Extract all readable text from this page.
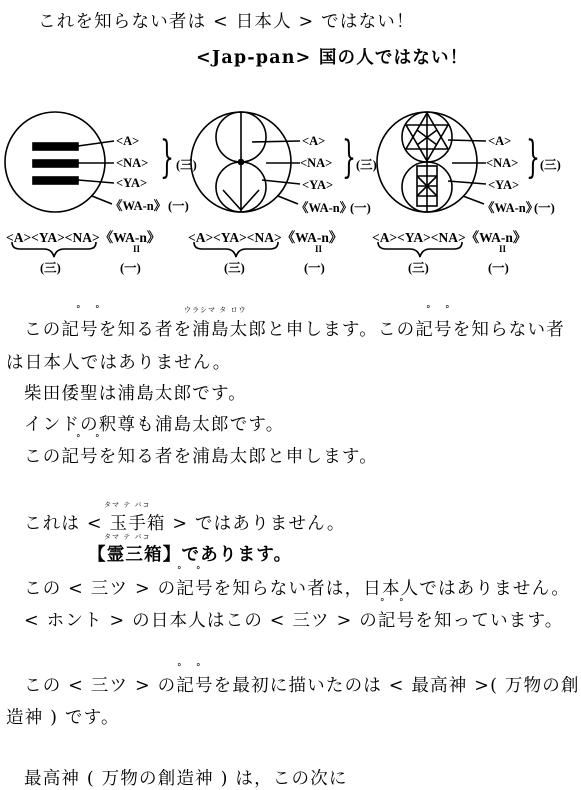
これを知らない者は < 日本人 > ではない！
<Jap-pan> 国の人ではない！
<A>
<NA>
<YA>
《WA-n》
} (三)
(一)
<A>
<NA>
<YA>
《WA-n》
} (三)
(一)
<A>
<NA>
<YA>
《WA-n》
} (三)
(一)
<A><YA><NA>《WA-n》
II
(三)	(一)
<A><YA><NA>《WA-n》
II
(三)	(一)
<A><YA><NA>《WA-n》
II
(三)	(一)
ウラシマ タ ロウ
° °	° °
この記号を知る者を浦島太郎と申します。この記号を知らない者
は日本人ではありません。
柴田倭聖は浦島太郎です。
インドの釈尊も浦島太郎です。
° °
この記号を知る者を浦島太郎と申します。
タマ テ バコ
これは < 玉手箱 > ではありません。
タマ テ バコ
【霊三箱】であります。
° °
この < 三ツ > の記号を知らない者は，日本人ではありません。
° °
< ホント > の日本人はこの < 三ツ > の記号を知っています。
° °
この < 三ツ > の記号を最初に描いたのは < 最高神 >( 万物の創
造神 ) です。
最高神 ( 万物の創造神 ) は，この次に
